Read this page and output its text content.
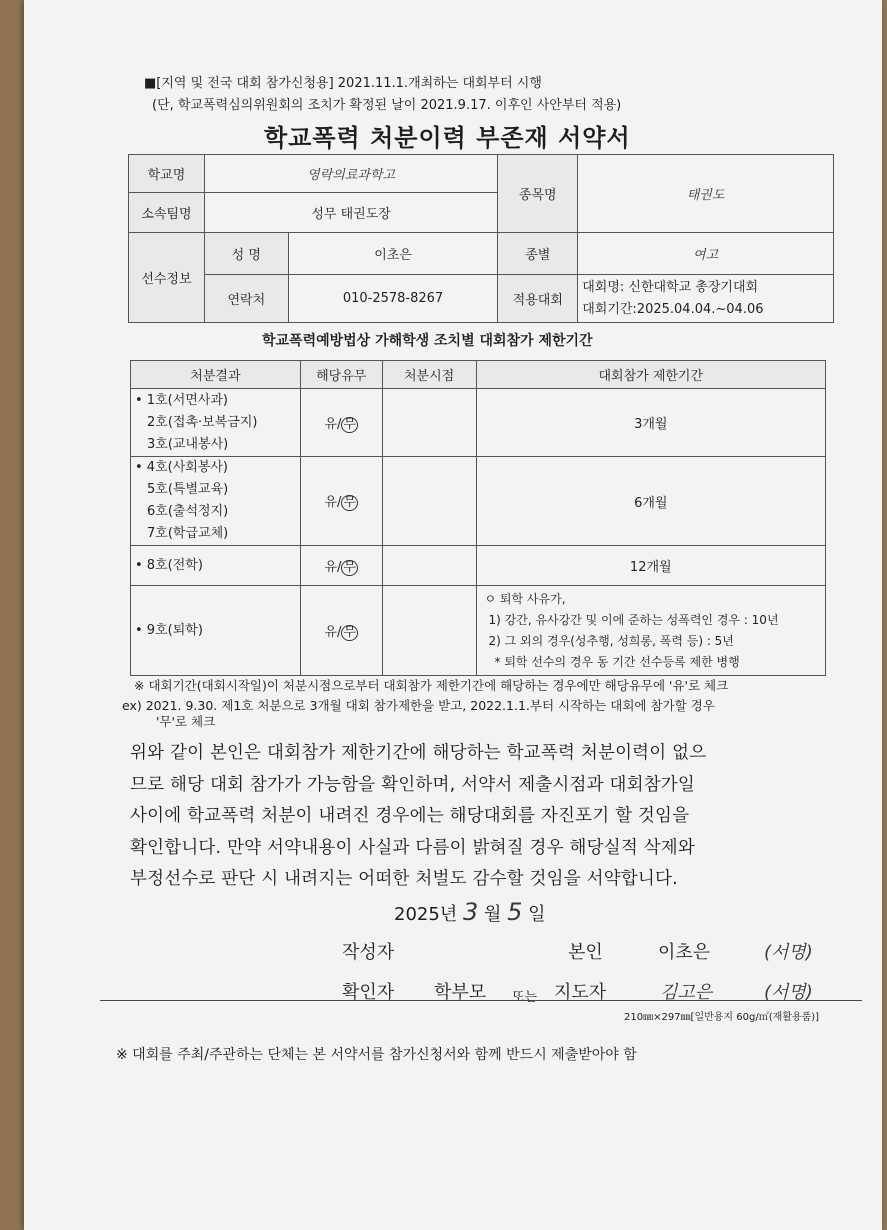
■[지역 및 전국 대회 참가신청용] 2021.11.1.개최하는 대회부터 시행
(단, 학교폭력심의위원회의 조치가 확정된 날이 2021.9.17. 이후인 사안부터 적용)
학교폭력 처분이력 부존재 서약서
학교명	영락의료과학고		종목명	태권도
소속팀명	성무 태권도장			
선수정보	성 명	이초은	종별	여고
	연락처	010-2578-8267	적용대회	대회명: 신한대학교 총장기대회
대회기간:2025.04.04.~04.06
학교폭력예방법상 가해학생 조치별 대회참가 제한기간
처분결과	해당유무	처분시점	대회참가 제한기간

• 1호(서면사과)
2호(접촉·보복금지)
3호(교내봉사)	유/ 무		3개월

• 4호(사회봉사)
5호(특별교육)
6호(출석정지)
7호(학급교체)	유/ 무		6개월

• 8호(전학)	유/ 무		12개월

• 9호(퇴학)	유/ 무		ㅇ 퇴학 사유가,
1) 강간, 유사강간 및 이에 준하는 성폭력인 경우 : 10년
2) 그 외의 경우(성추행, 성희롱, 폭력 등) : 5년
* 퇴학 선수의 경우 동 기간 선수등록 제한 병행
※ 대회기간(대회시작일)이 처분시점으로부터 대회참가 제한기간에 해당하는 경우에만 해당유무에 '유'로 체크
ex) 2021. 9.30. 제1호 처분으로 3개월 대회 참가제한을 받고, 2022.1.1.부터 시작하는 대회에 참가할 경우
'무'로 체크
위와 같이 본인은 대회참가 제한기간에 해당하는 학교폭력 처분이력이 없으
므로 해당 대회 참가가 가능함을 확인하며, 서약서 제출시점과 대회참가일
사이에 학교폭력 처분이 내려진 경우에는 해당대회를 자진포기 할 것임을
확인합니다. 만약 서약내용이 사실과 다름이 밝혀질 경우 해당실적 삭제와
부정선수로 판단 시 내려지는 어떠한 처벌도 감수할 것임을 서약합니다.
2025년 3 월 5 일
작성자	본인	이초은	(서명)
확인자 학부모 또는 지도자	김고은	(서명)
210㎜×297㎜[일반용지 60g/㎡(재활용품)]
※ 대회를 주최/주관하는 단체는 본 서약서를 참가신청서와 함께 반드시 제출받아야 함
